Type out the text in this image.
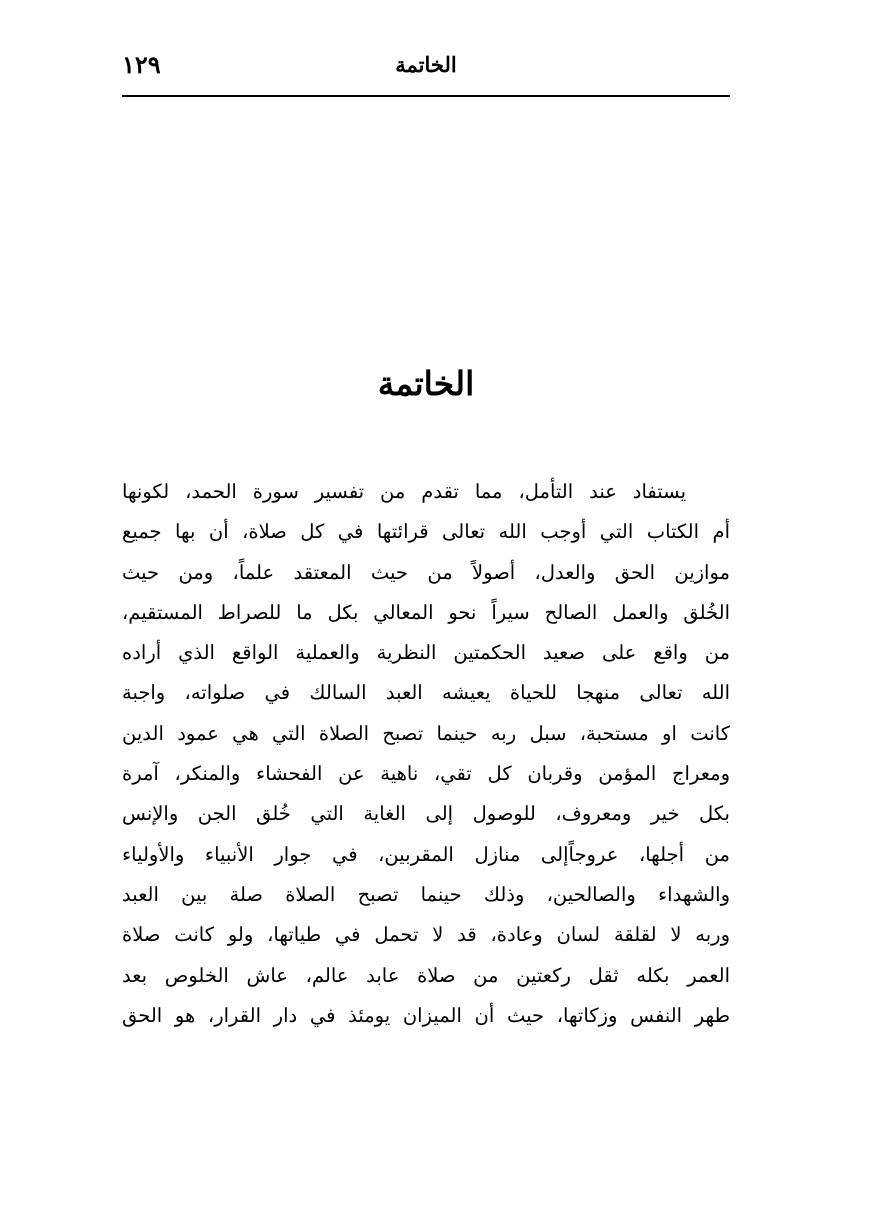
١٢٩	الخاتمة
الخاتمة
يستفاد عند التأمل، مما تقدم من تفسير سورة الحمد، لكونها
أم الكتاب التي أوجب الله تعالى قرائتها في كل صلاة، أن بها جميع
موازين الحق والعدل، أصولاً من حيث المعتقد علماً، ومن حيث
الخُلق والعمل الصالح سيراً نحو المعالي بكل ما للصراط المستقيم،
من واقع على صعيد الحكمتين النظرية والعملية الواقع الذي أراده
الله تعالى منهجا للحياة يعيشه العبد السالك في صلواته، واجبة
كانت او مستحبة، سبل ربه حينما تصبح الصلاة التي هي عمود الدين
ومعراج المؤمن وقربان كل تقي، ناهية عن الفحشاء والمنكر، آمرة
بكل خير ومعروف، للوصول إلى الغاية التي خُلق الجن والإنس
من أجلها، عروجاًإلى منازل المقربين، في جوار الأنبياء والأولياء
والشهداء والصالحين، وذلك حينما تصبح الصلاة صلة بين العبد
وربه لا لقلقة لسان وعادة، قد لا تحمل في طياتها، ولو كانت صلاة
العمر بكله ثقل ركعتين من صلاة عابد عالم، عاش الخلوص بعد
طهر النفس وزكاتها، حيث أن الميزان يومئذ في دار القرار، هو الحق
